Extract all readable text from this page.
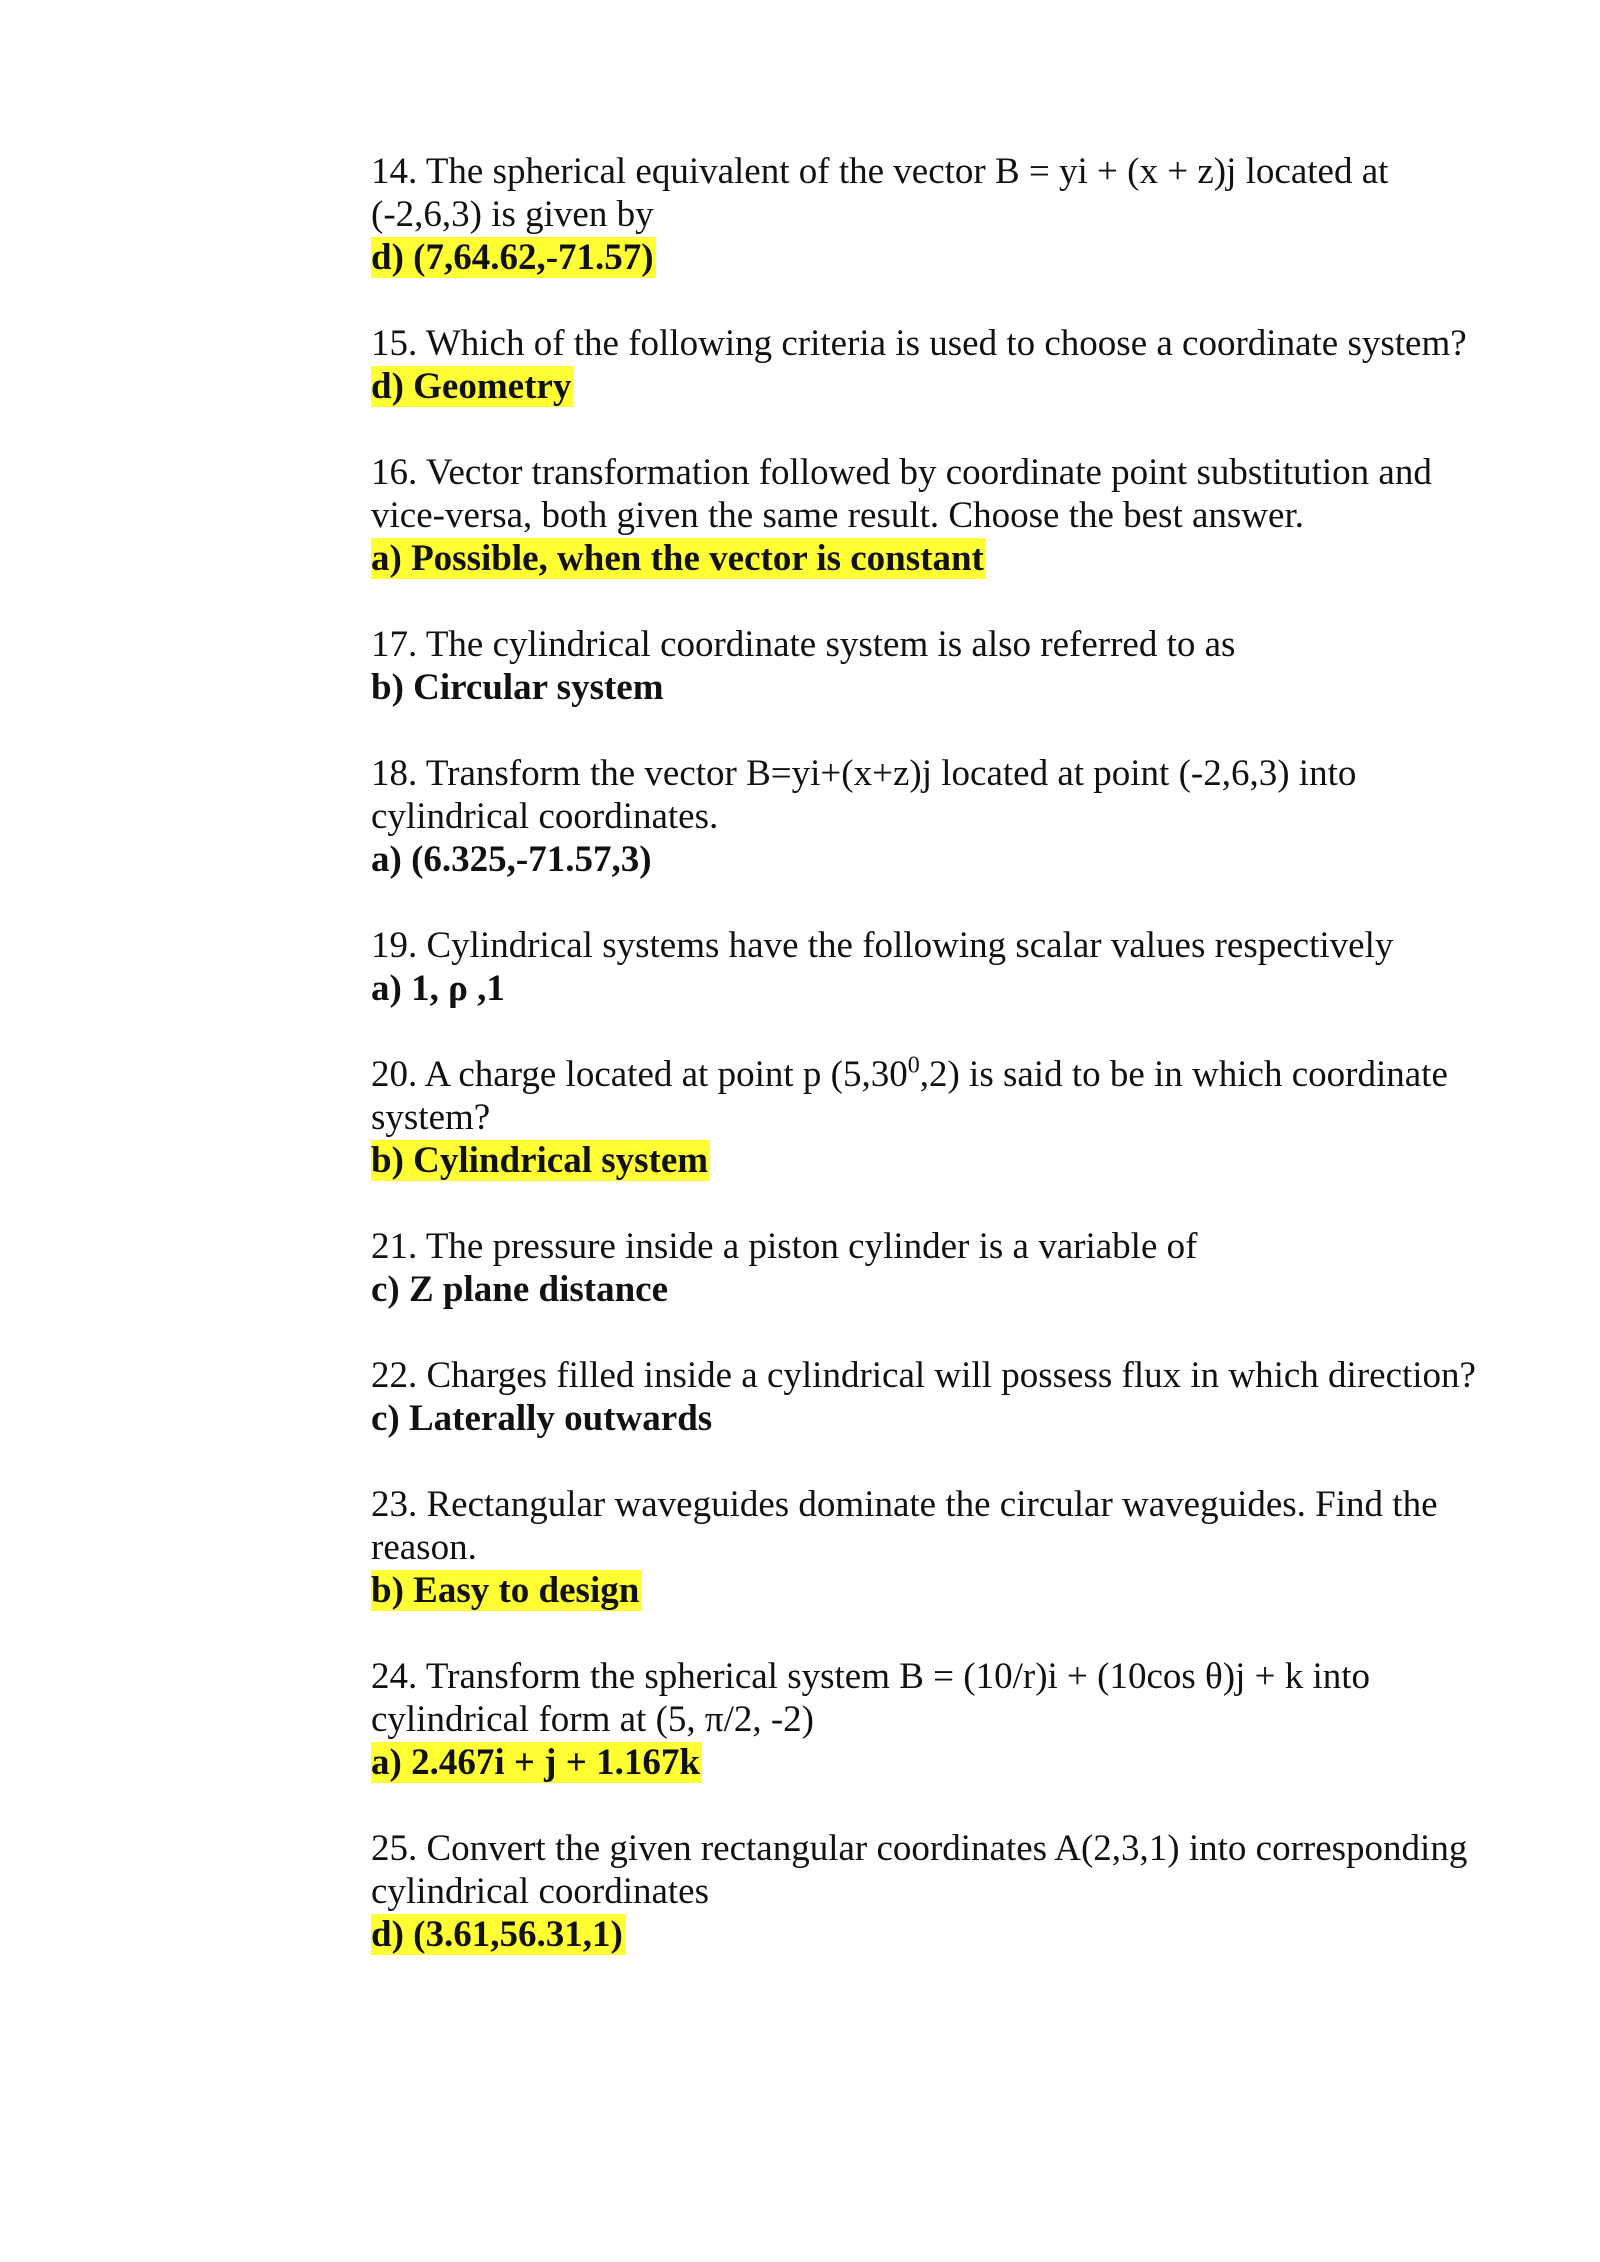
14. The spherical equivalent of the vector B = yi + (x + z)j located at (-2,6,3) is given by

d) (7,64.62,-71.57)

15. Which of the following criteria is used to choose a coordinate system?

d) Geometry

16. Vector transformation followed by coordinate point substitution and vice-versa, both given the same result. Choose the best answer.

a) Possible, when the vector is constant

17. The cylindrical coordinate system is also referred to as

b) Circular system

18. Transform the vector B=yi+(x+z)j located at point (-2,6,3) into cylindrical coordinates.

a) (6.325,-71.57,3)

19. Cylindrical systems have the following scalar values respectively

a) 1, ρ ,1

20. A charge located at point p (5,30$^0$,2) is said to be in which coordinate system?

b) Cylindrical system

21. The pressure inside a piston cylinder is a variable of

c) Z plane distance

22. Charges filled inside a cylindrical will possess flux in which direction?

c) Laterally outwards

23. Rectangular waveguides dominate the circular waveguides. Find the reason.

b) Easy to design

24. Transform the spherical system B = (10/r)i + (10cos θ)j + k into cylindrical form at (5, π/2, -2)

a) 2.467i + j + 1.167k

25. Convert the given rectangular coordinates A(2,3,1) into corresponding cylindrical coordinates

d) (3.61,56.31,1)
